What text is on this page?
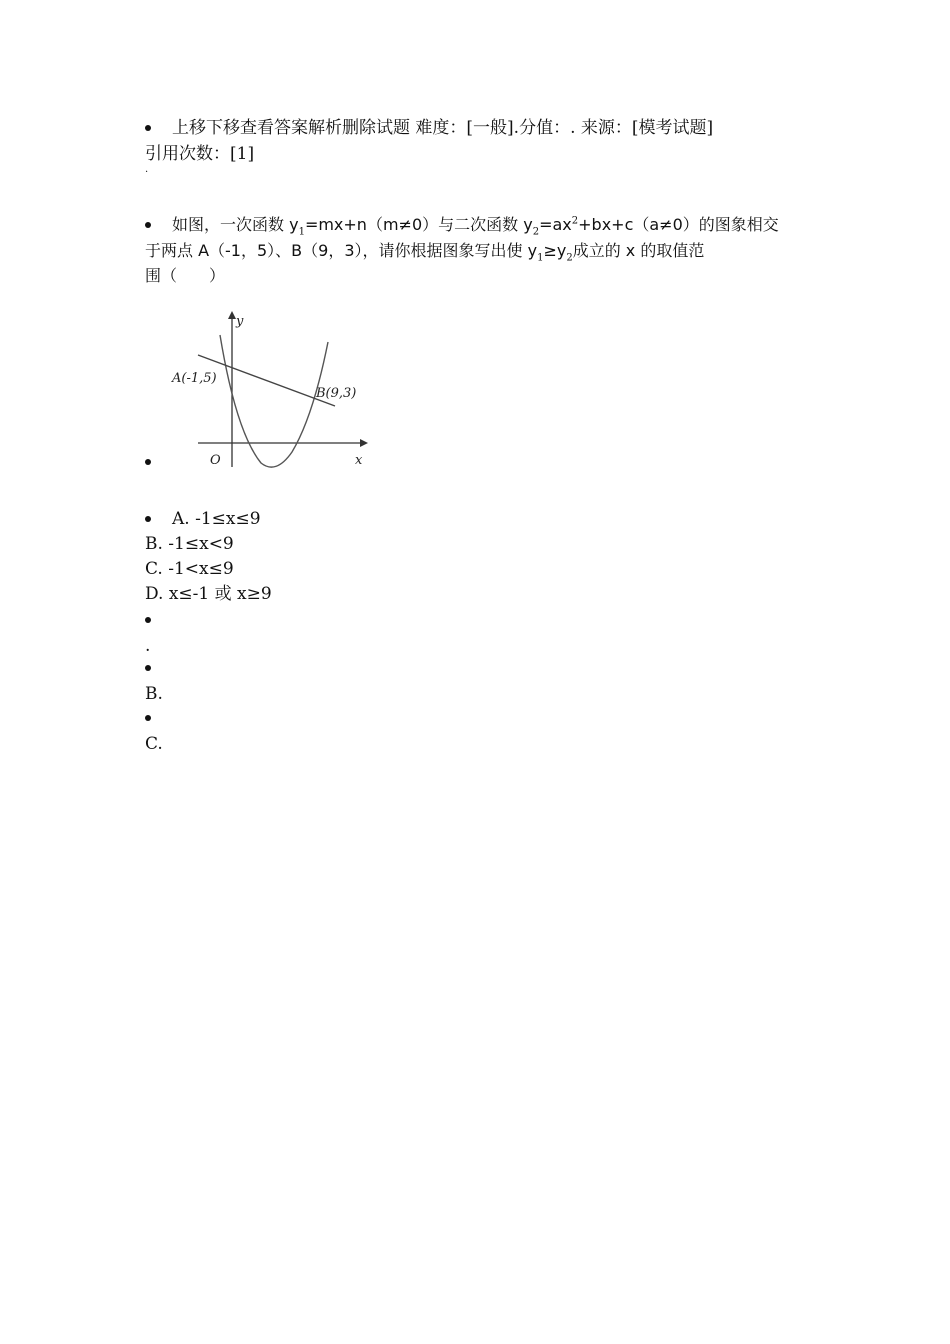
上移下移查看答案解析删除试题 难度：[一般].分值：. 来源：[模考试题]
引用次数：[1]
.
如图，一次函数 $y_1=mx+n(m\ne 0)$与二次函数 $y_2=ax^2+bx+c(a\ne 0)$的图象相交
于两点 A（-1，5）、B（9，3），请你根据图象写出使 $y_1\ge y_2$成立的 x 的取值范
围（　　）
y
x
O
A(-1,5)
B(9,3)
A. -1≤x≤9
B. -1≤x<9
C. -1<x≤9
D. x≤-1 或 x≥9
.
B.
C.
